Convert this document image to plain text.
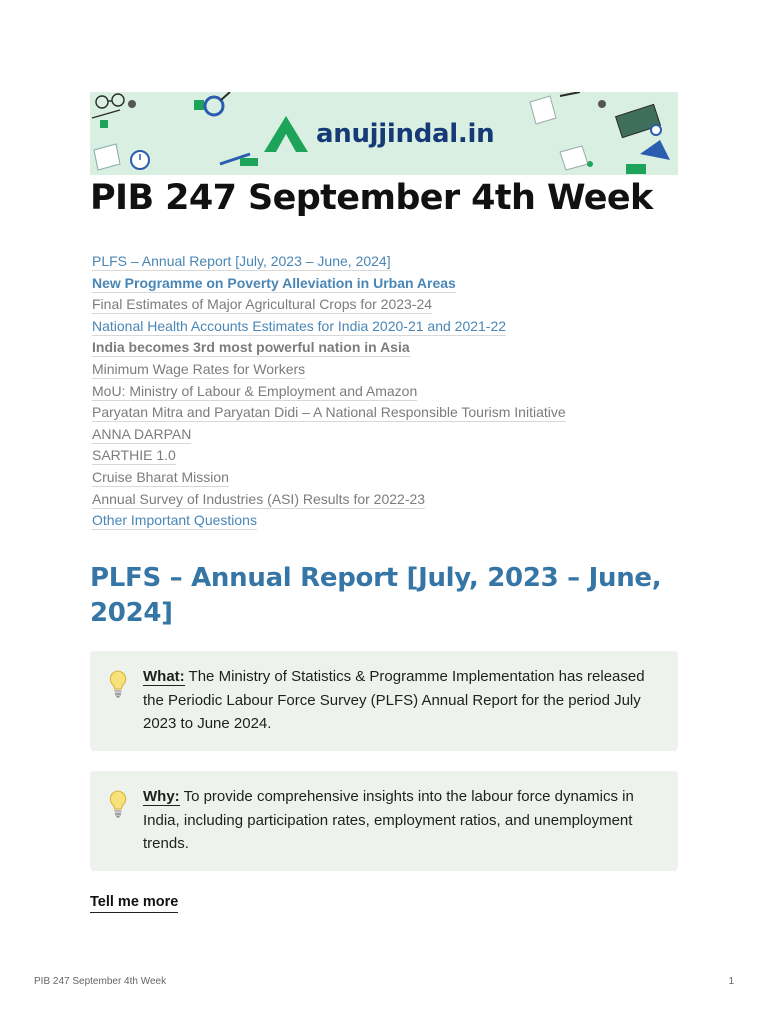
anujjindal.in
PIB 247 September 4th Week
PLFS – Annual Report [July, 2023 – June, 2024]
New Programme on Poverty Alleviation in Urban Areas
Final Estimates of Major Agricultural Crops for 2023-24
National Health Accounts Estimates for India 2020-21 and 2021-22
India becomes 3rd most powerful nation in Asia
Minimum Wage Rates for Workers
MoU: Ministry of Labour & Employment and Amazon
Paryatan Mitra and Paryatan Didi – A National Responsible Tourism Initiative
ANNA DARPAN
SARTHIE 1.0
Cruise Bharat Mission
Annual Survey of Industries (ASI) Results for 2022-23
Other Important Questions
PLFS – Annual Report [July, 2023 – June, 2024]

What: The Ministry of Statistics & Programme Implementation has released the Periodic Labour Force Survey (PLFS) Annual Report for the period July 2023 to June 2024.

Why: To provide comprehensive insights into the labour force dynamics in India, including participation rates, employment ratios, and unemployment trends.

Tell me more
PIB 247 September 4th Week	1
